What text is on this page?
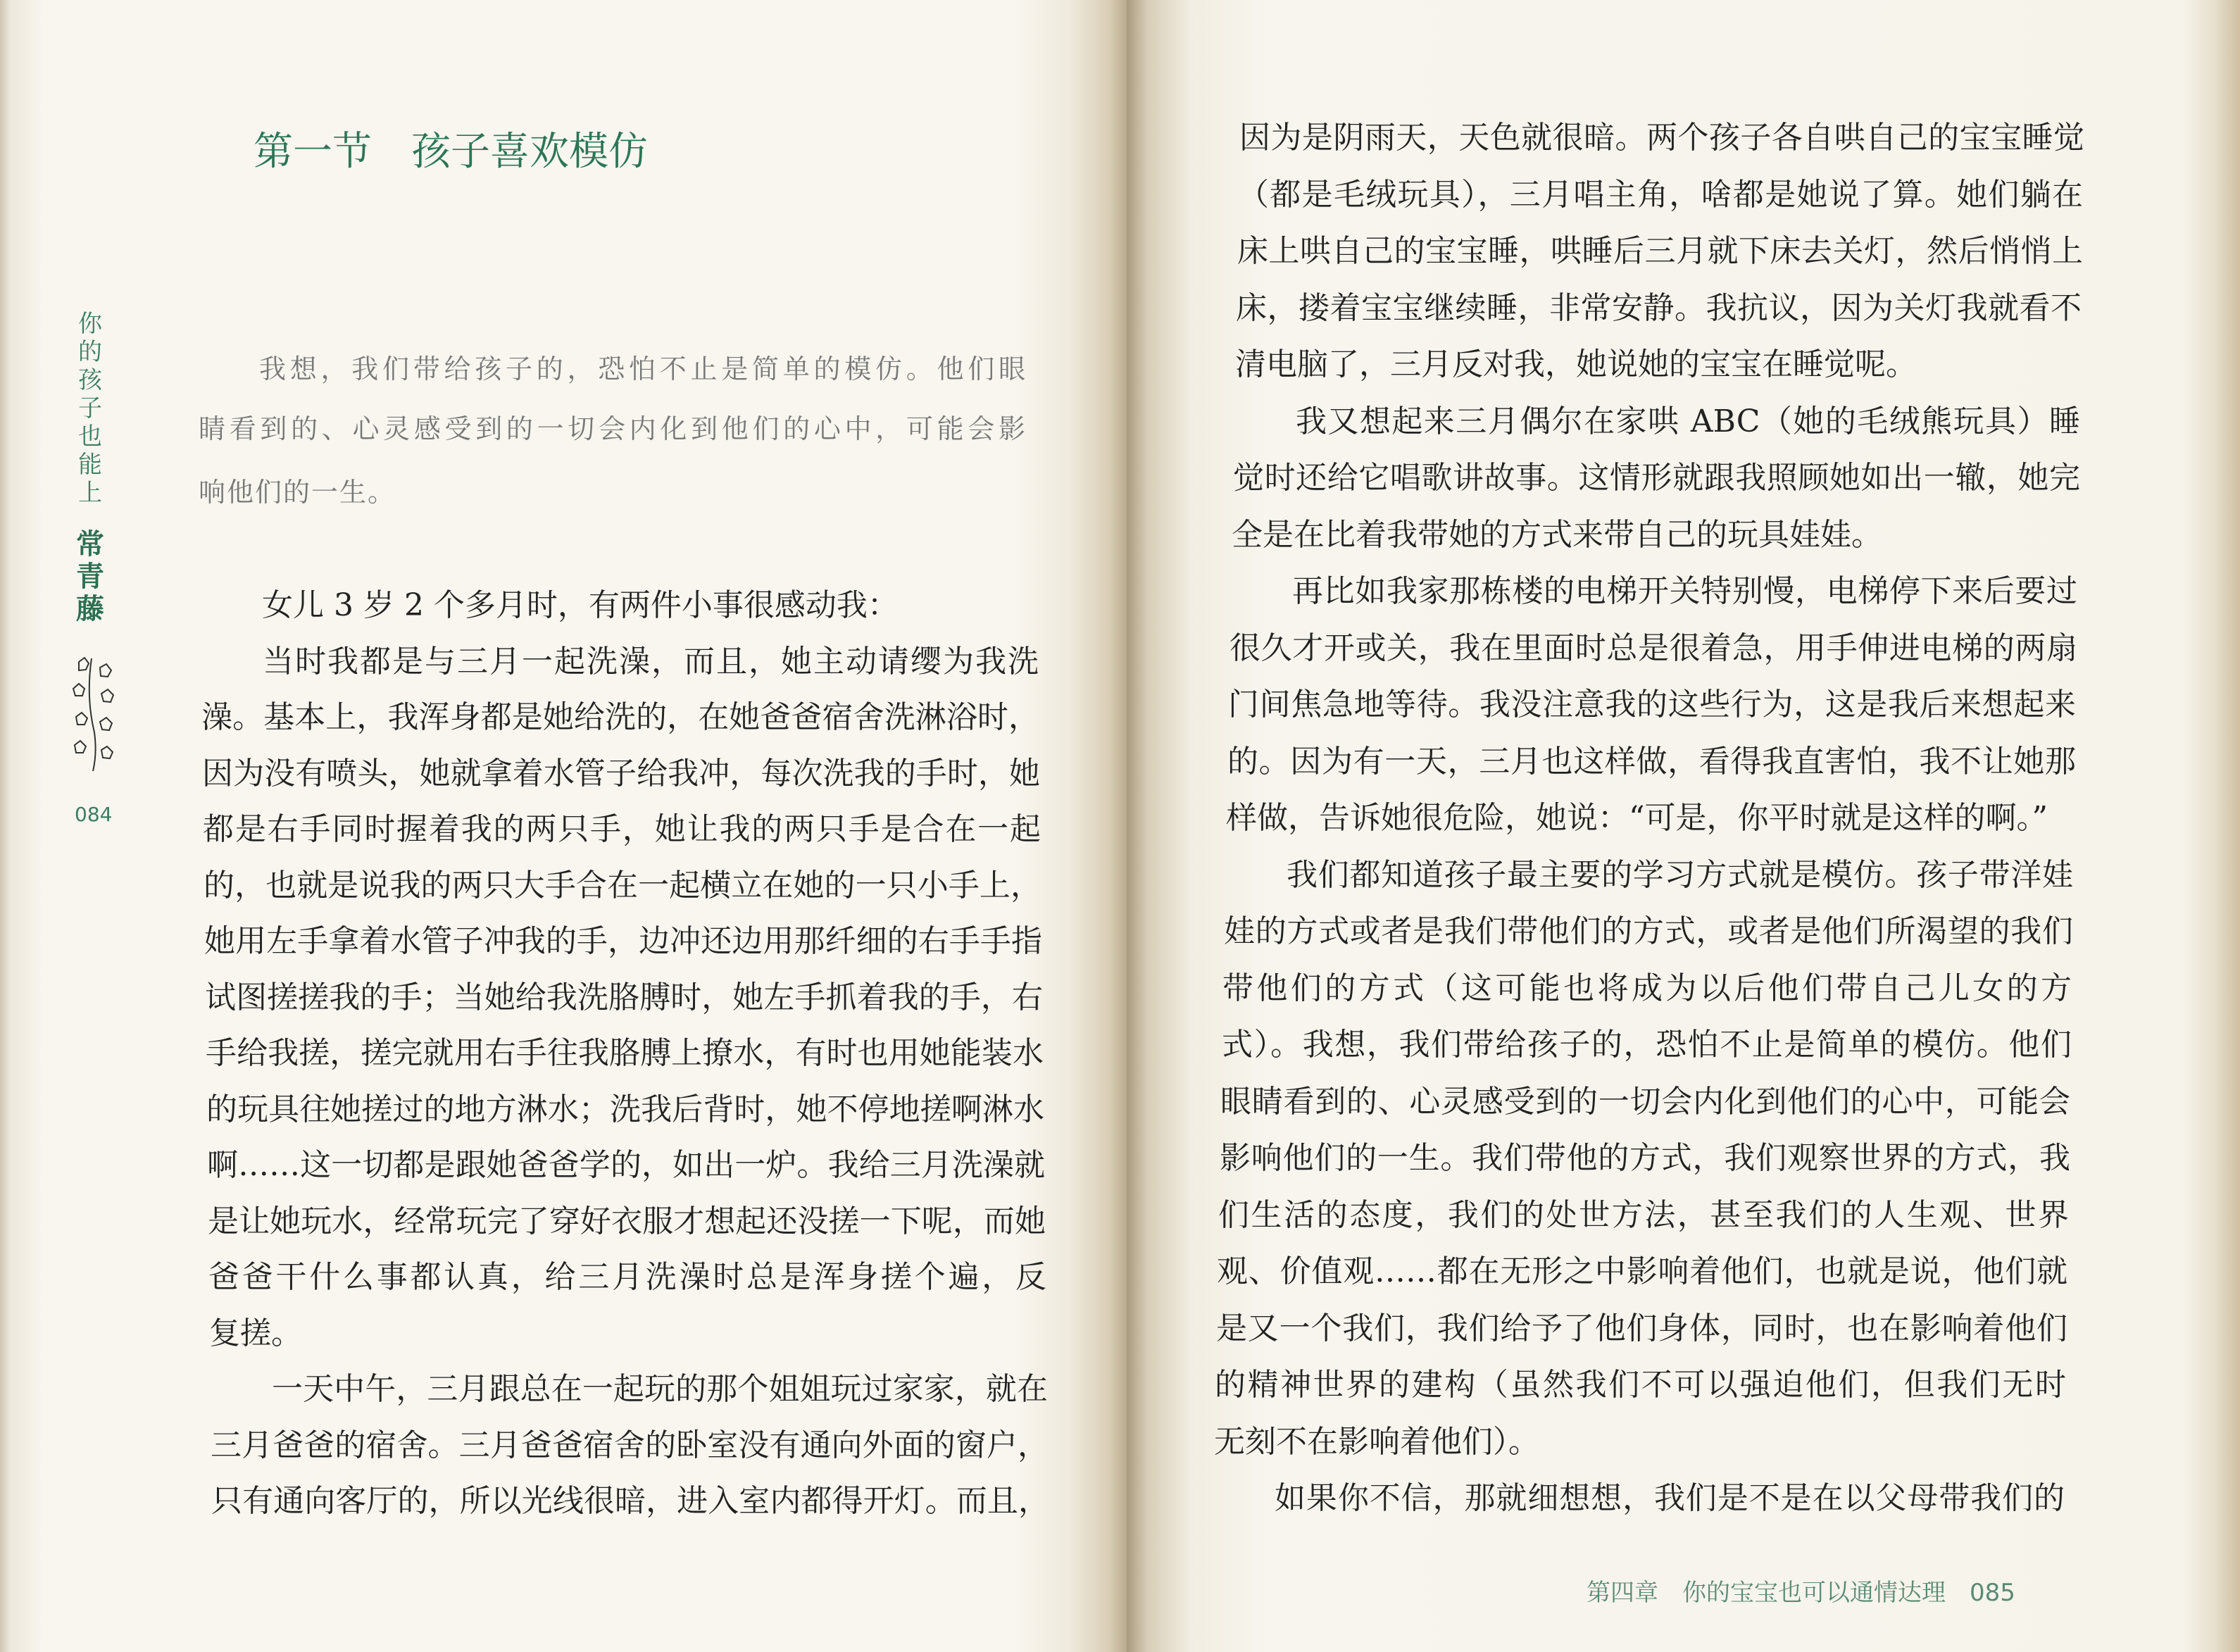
你
的
孩
子
也
能
上
常
青
藤
084
第一节　孩子喜欢模仿
我想，我们带给孩子的，恐怕不止是简单的模仿。他们眼
睛看到的、心灵感受到的一切会内化到他们的心中，可能会影
响他们的一生。
女儿 3 岁 2 个多月时，有两件小事很感动我：
当时我都是与三月一起洗澡，而且，她主动请缨为我洗
澡。基本上，我浑身都是她给洗的，在她爸爸宿舍洗淋浴时，
因为没有喷头，她就拿着水管子给我冲，每次洗我的手时，她
都是右手同时握着我的两只手，她让我的两只手是合在一起
的，也就是说我的两只大手合在一起横立在她的一只小手上，
她用左手拿着水管子冲我的手，边冲还边用那纤细的右手手指
试图搓搓我的手；当她给我洗胳膊时，她左手抓着我的手，右
手给我搓，搓完就用右手往我胳膊上撩水，有时也用她能装水
的玩具往她搓过的地方淋水；洗我后背时，她不停地搓啊淋水
啊……这一切都是跟她爸爸学的，如出一炉。我给三月洗澡就
是让她玩水，经常玩完了穿好衣服才想起还没搓一下呢，而她
爸爸干什么事都认真，给三月洗澡时总是浑身搓个遍，反
复搓。
一天中午，三月跟总在一起玩的那个姐姐玩过家家，就在
三月爸爸的宿舍。三月爸爸宿舍的卧室没有通向外面的窗户，
只有通向客厅的，所以光线很暗，进入室内都得开灯。而且，
因为是阴雨天，天色就很暗。两个孩子各自哄自己的宝宝睡觉
（都是毛绒玩具），三月唱主角，啥都是她说了算。她们躺在
床上哄自己的宝宝睡，哄睡后三月就下床去关灯，然后悄悄上
床，搂着宝宝继续睡，非常安静。我抗议，因为关灯我就看不
清电脑了，三月反对我，她说她的宝宝在睡觉呢。
我又想起来三月偶尔在家哄 ABC（她的毛绒熊玩具）睡
觉时还给它唱歌讲故事。这情形就跟我照顾她如出一辙，她完
全是在比着我带她的方式来带自己的玩具娃娃。
再比如我家那栋楼的电梯开关特别慢，电梯停下来后要过
很久才开或关，我在里面时总是很着急，用手伸进电梯的两扇
门间焦急地等待。我没注意我的这些行为，这是我后来想起来
的。因为有一天，三月也这样做，看得我直害怕，我不让她那
样做，告诉她很危险，她说：“可是，你平时就是这样的啊。”
我们都知道孩子最主要的学习方式就是模仿。孩子带洋娃
娃的方式或者是我们带他们的方式，或者是他们所渴望的我们
带他们的方式（这可能也将成为以后他们带自己儿女的方
式）。我想，我们带给孩子的，恐怕不止是简单的模仿。他们
眼睛看到的、心灵感受到的一切会内化到他们的心中，可能会
影响他们的一生。我们带他的方式，我们观察世界的方式，我
们生活的态度，我们的处世方法，甚至我们的人生观、世界
观、价值观……都在无形之中影响着他们，也就是说，他们就
是又一个我们，我们给予了他们身体，同时，也在影响着他们
的精神世界的建构（虽然我们不可以强迫他们，但我们无时
无刻不在影响着他们）。
如果你不信，那就细想想，我们是不是在以父母带我们的
第四章　你的宝宝也可以通情达理　085
